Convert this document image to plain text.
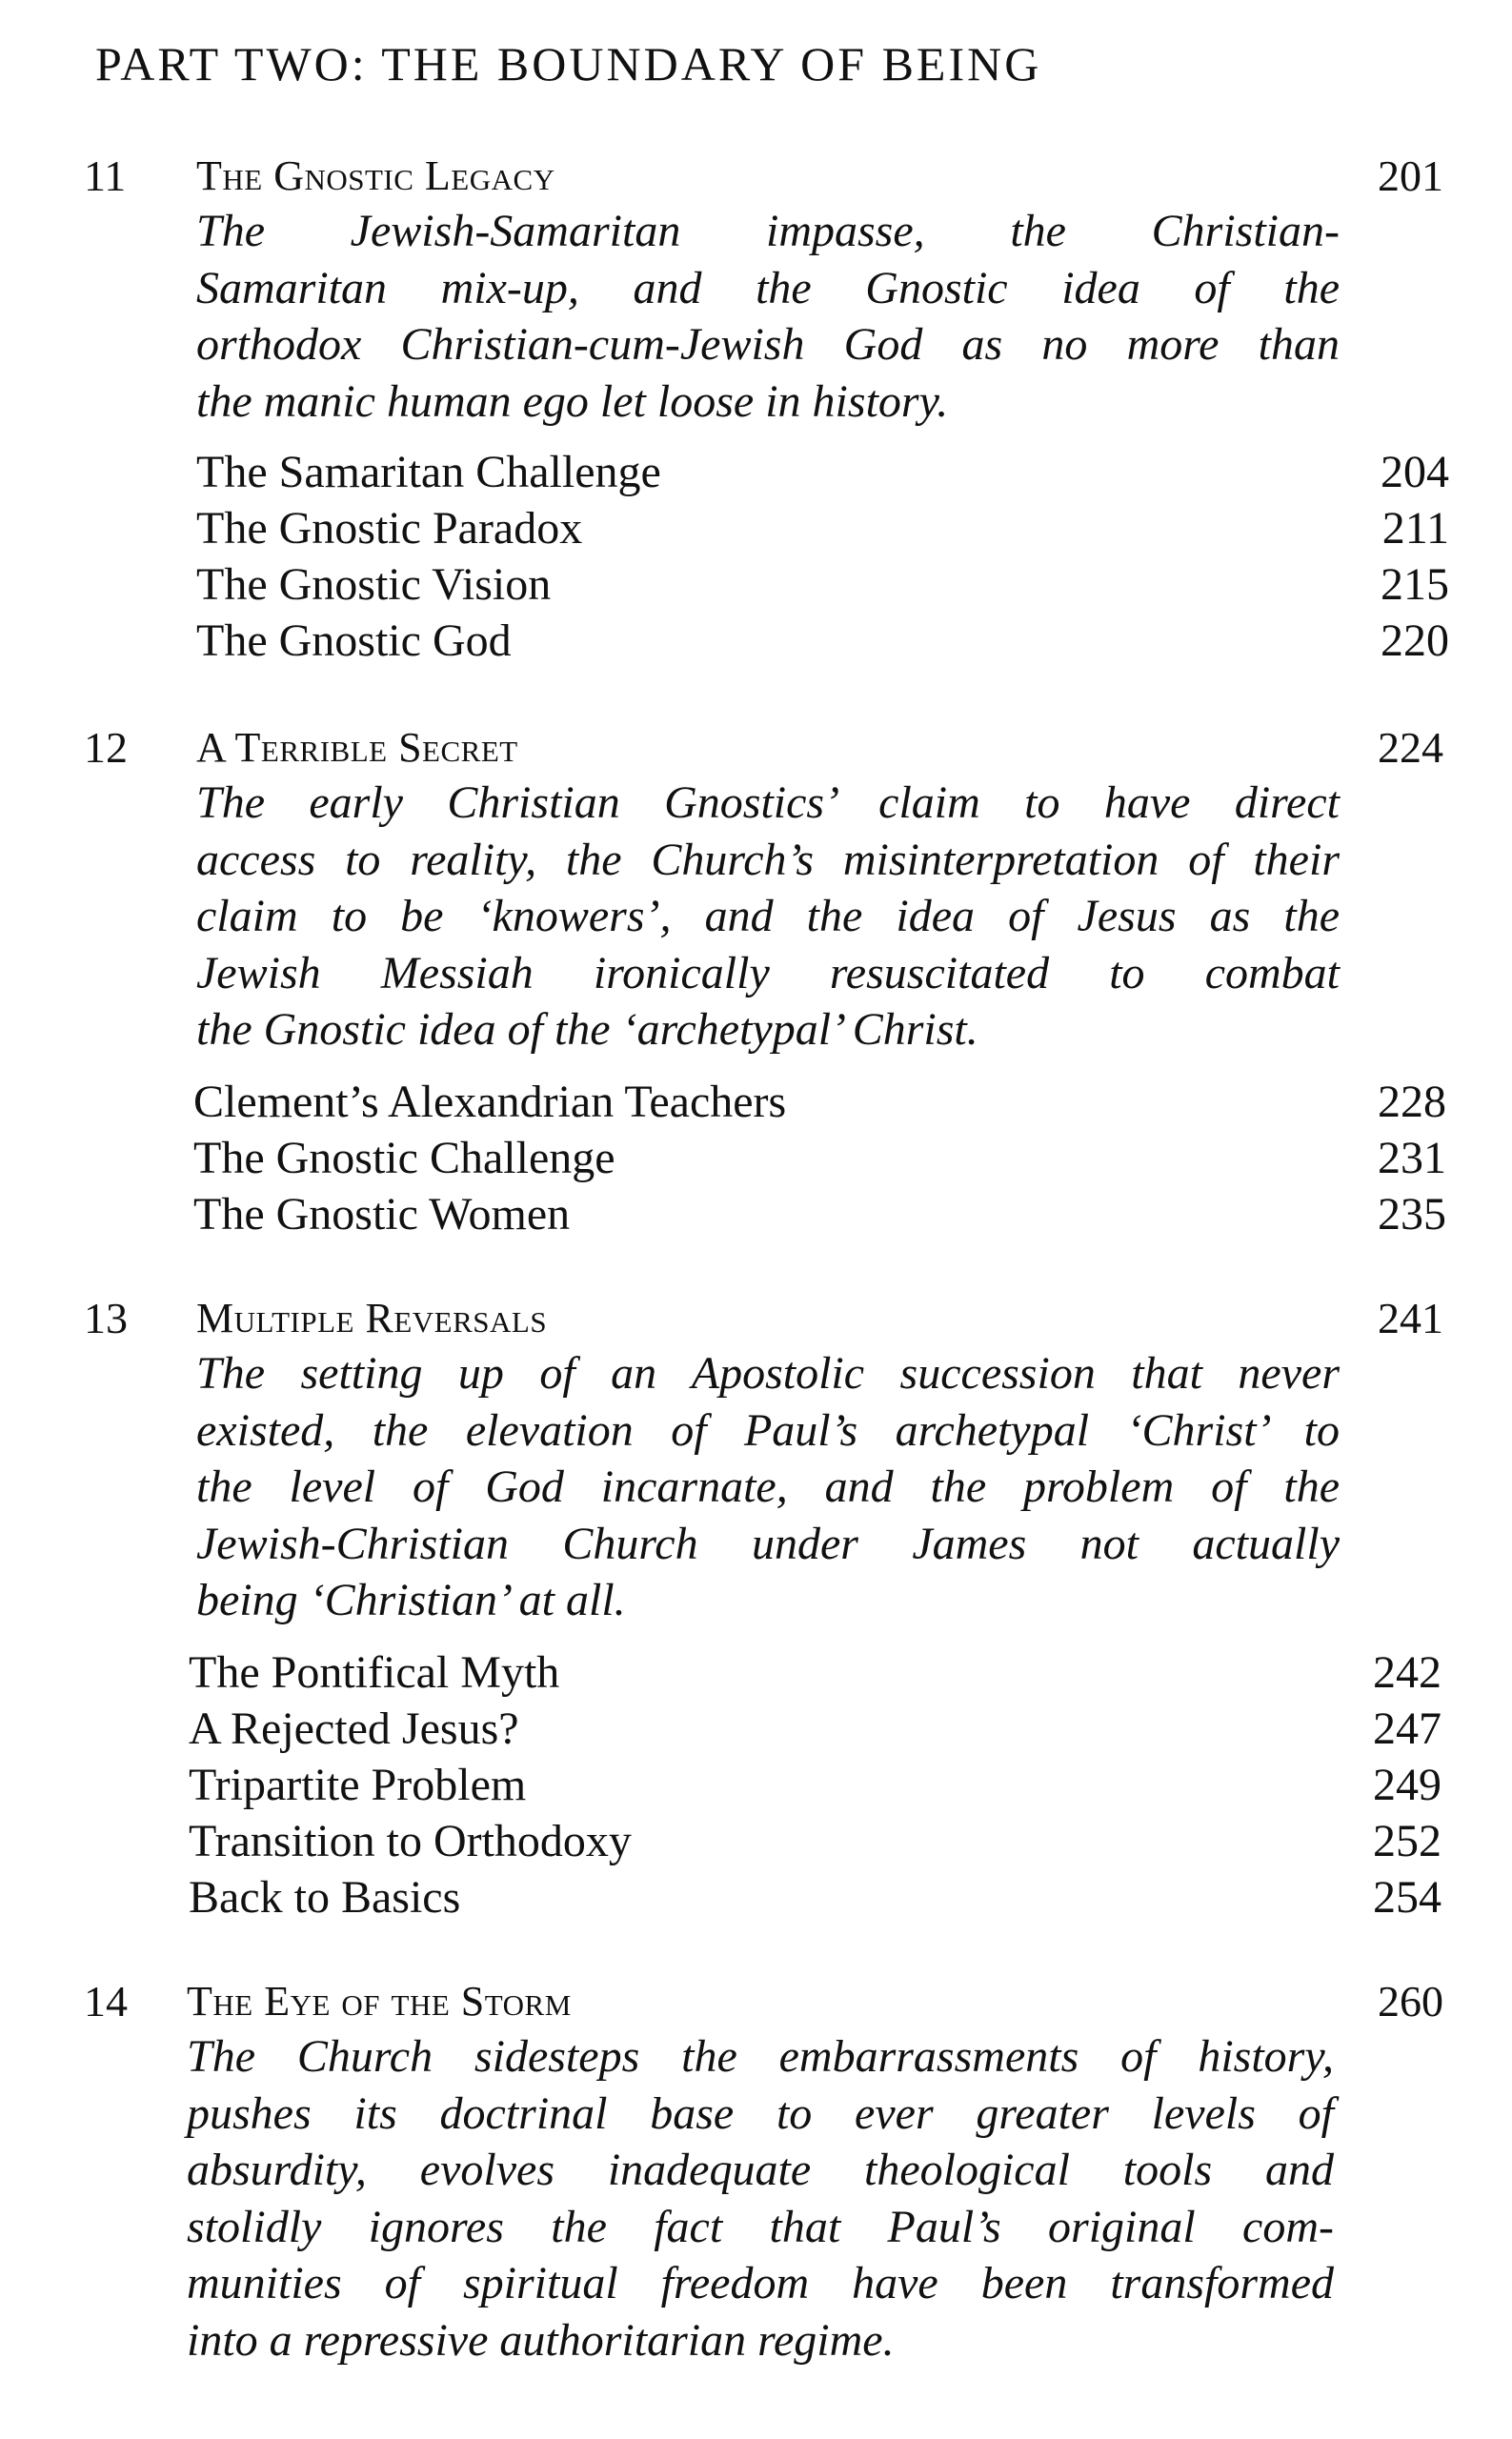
PART TWO: THE BOUNDARY OF BEING
11 The Gnostic Legacy	201
The Jewish-Samaritan impasse, the Christian-
Samaritan mix-up, and the Gnostic idea of the
orthodox Christian-cum-Jewish God as no more than
the manic human ego let loose in history.
The Samaritan Challenge	204
The Gnostic Paradox	211
The Gnostic Vision	215
The Gnostic God	220
12 A Terrible Secret	224
The early Christian Gnostics’ claim to have direct
access to reality, the Church’s misinterpretation of their
claim to be ‘knowers’, and the idea of Jesus as the
Jewish Messiah ironically resuscitated to combat
the Gnostic idea of the ‘archetypal’ Christ.
Clement’s Alexandrian Teachers	228
The Gnostic Challenge	231
The Gnostic Women	235
13 Multiple Reversals	241
The setting up of an Apostolic succession that never
existed, the elevation of Paul’s archetypal ‘Christ’ to
the level of God incarnate, and the problem of the
Jewish-Christian Church under James not actually
being ‘Christian’ at all.
The Pontifical Myth	242
A Rejected Jesus?	247
Tripartite Problem	249
Transition to Orthodoxy	252
Back to Basics	254
14 The Eye of the Storm	260
The Church sidesteps the embarrassments of history,
pushes its doctrinal base to ever greater levels of
absurdity, evolves inadequate theological tools and
stolidly ignores the fact that Paul’s original com-
munities of spiritual freedom have been transformed
into a repressive authoritarian regime.
